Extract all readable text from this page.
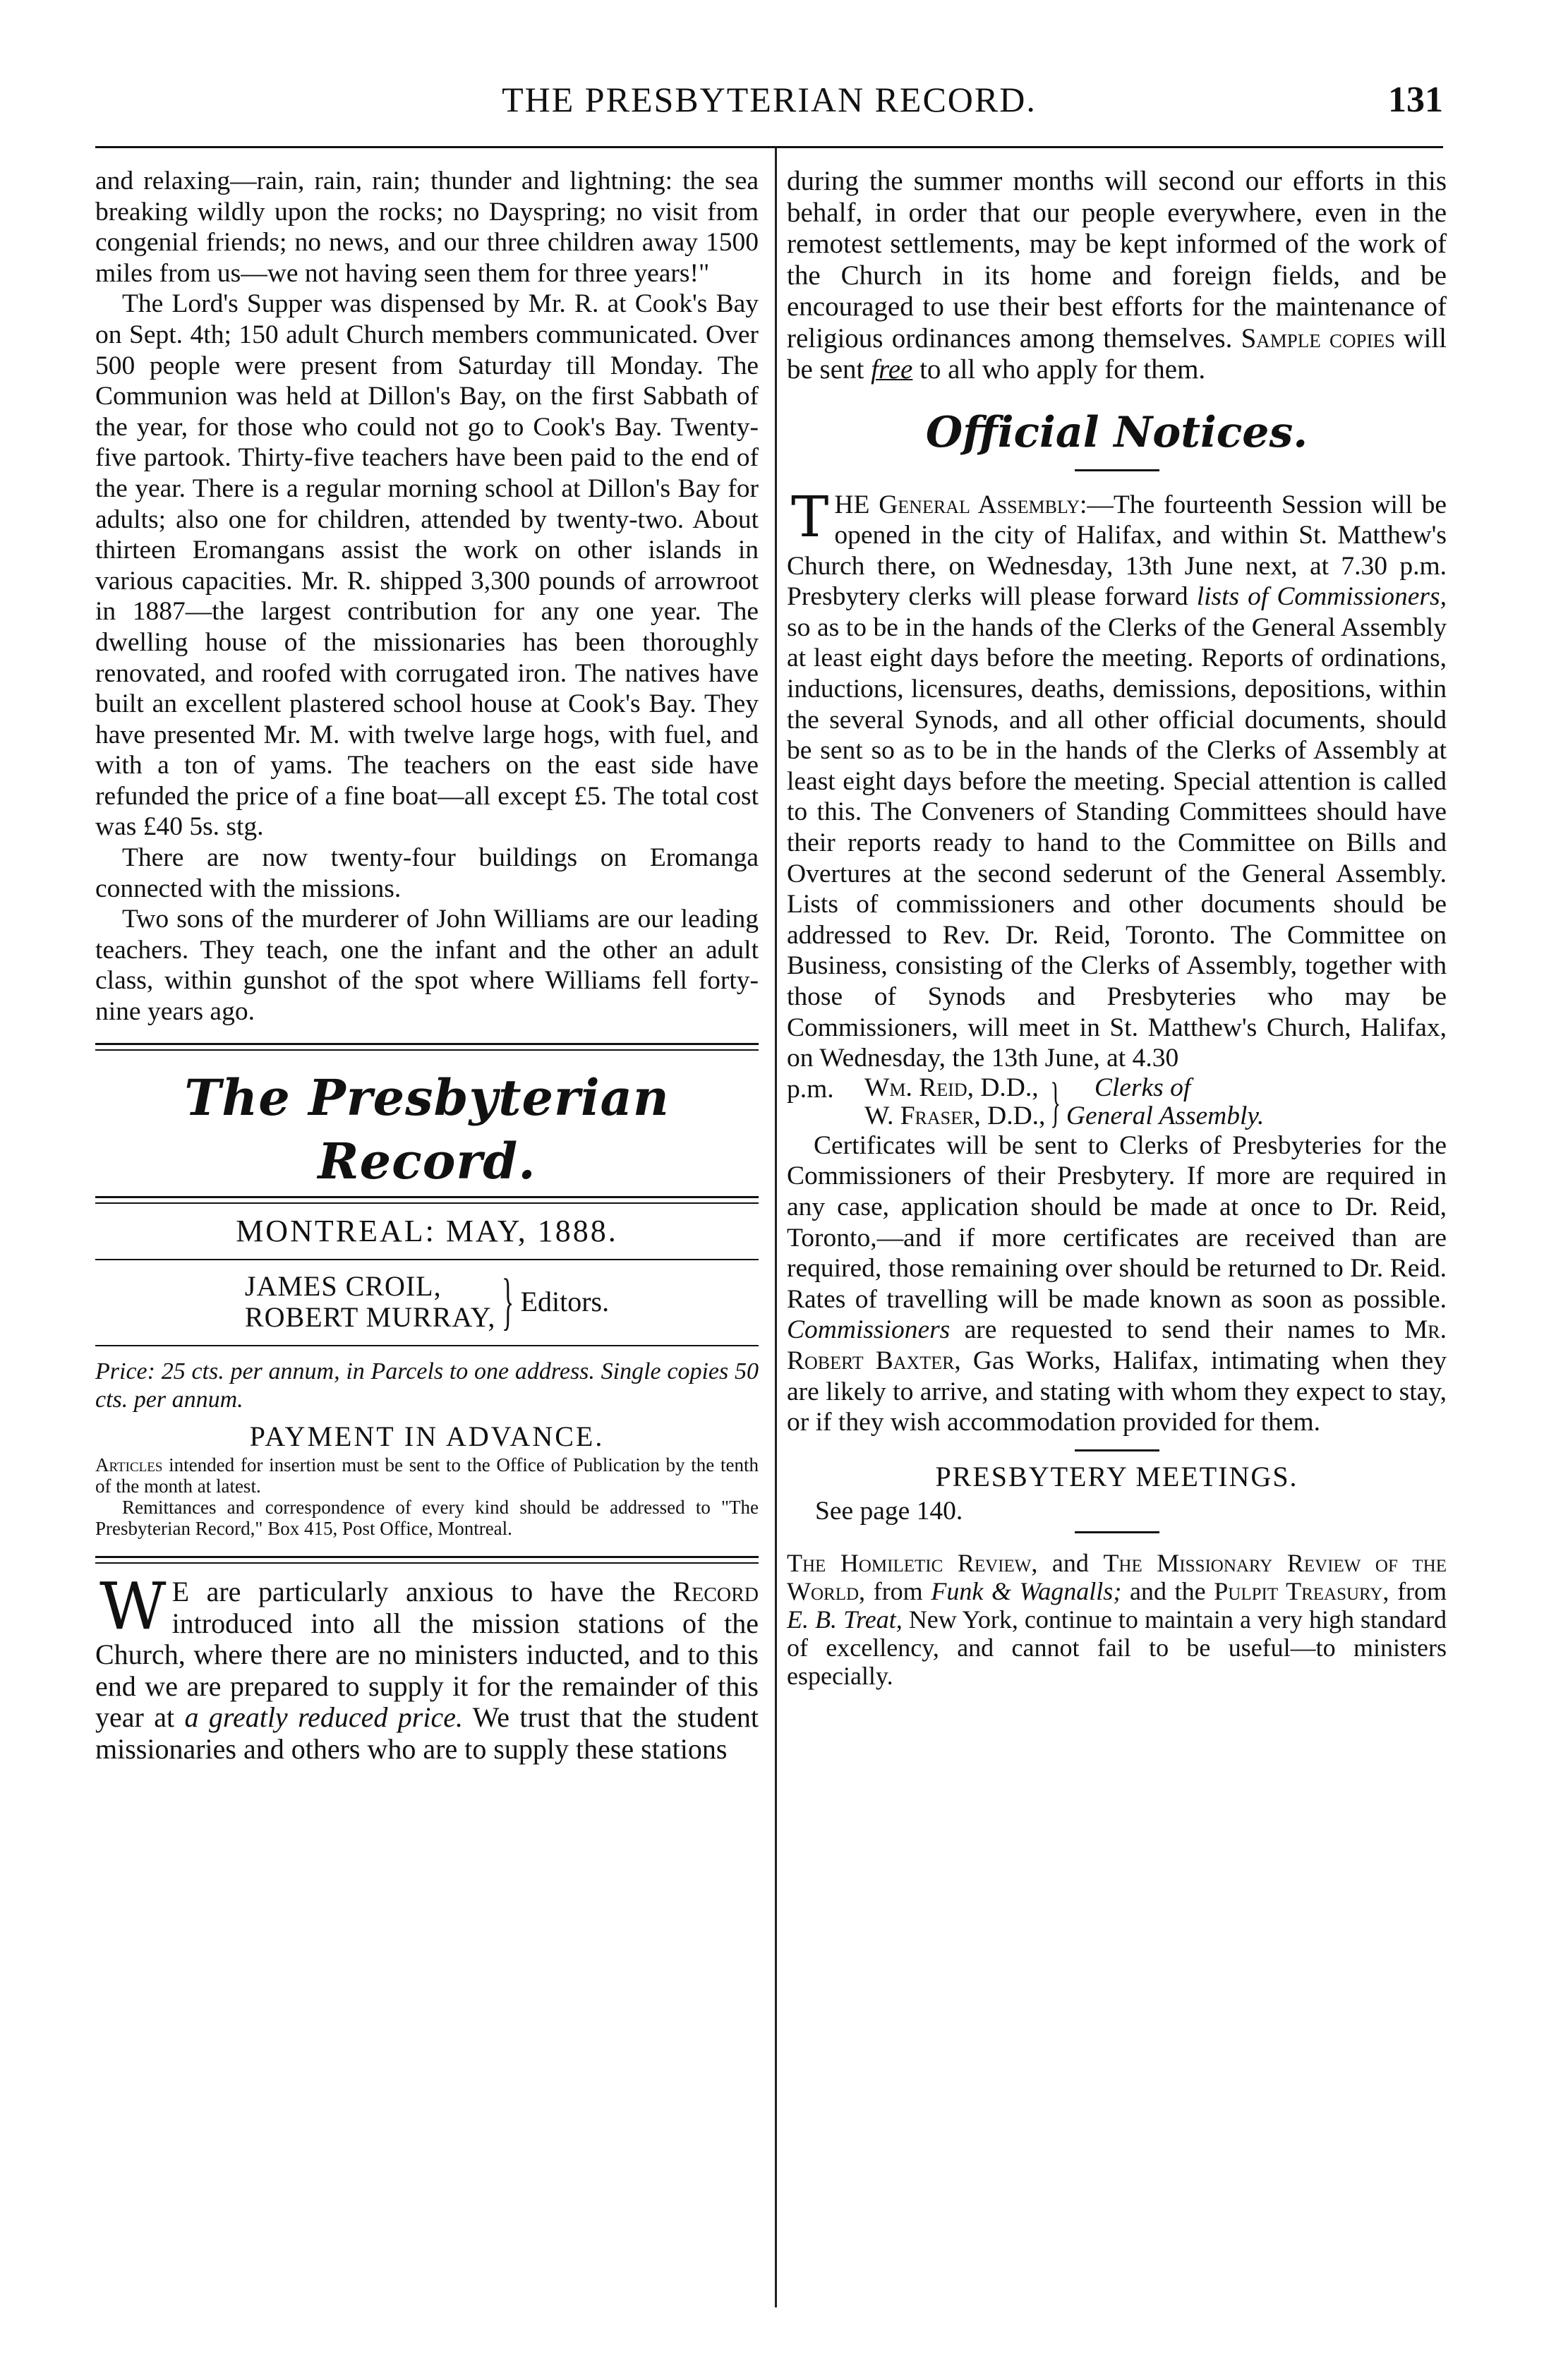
THE PRESBYTERIAN RECORD.	131

and relaxing—rain, rain, rain; thunder and lightning: the sea breaking wildly upon the rocks; no Dayspring; no visit from congenial friends; no news, and our three children away 1500 miles from us—we not having seen them for three years!"

The Lord's Supper was dispensed by Mr. R. at Cook's Bay on Sept. 4th; 150 adult Church members communicated. Over 500 people were present from Saturday till Monday. The Communion was held at Dillon's Bay, on the first Sabbath of the year, for those who could not go to Cook's Bay. Twenty-five partook. Thirty-five teachers have been paid to the end of the year. There is a regular morning school at Dillon's Bay for adults; also one for children, attended by twenty-two. About thirteen Eromangans assist the work on other islands in various capacities. Mr. R. shipped 3,300 pounds of arrowroot in 1887—the largest contribution for any one year. The dwelling house of the missionaries has been thoroughly renovated, and roofed with corrugated iron. The natives have built an excellent plastered school house at Cook's Bay. They have presented Mr. M. with twelve large hogs, with fuel, and with a ton of yams. The teachers on the east side have refunded the price of a fine boat—all except £5. The total cost was £40 5s. stg.

There are now twenty-four buildings on Eromanga connected with the missions.

Two sons of the murderer of John Williams are our leading teachers. They teach, one the infant and the other an adult class, within gunshot of the spot where Williams fell forty-nine years ago.

The Presbyterian Record.
MONTREAL: MAY, 1888.
JAMES CROIL,
ROBERT MURRAY, } Editors.

Price: 25 cts. per annum, in Parcels to one address. Single copies 50 cts. per annum.

PAYMENT IN ADVANCE.

Articles intended for insertion must be sent to the Office of Publication by the tenth of the month at latest.

Remittances and correspondence of every kind should be addressed to "The Presbyterian Record," Box 415, Post Office, Montreal.

W E are particularly anxious to have the Record introduced into all the mission stations of the Church, where there are no ministers inducted, and to this end we are prepared to supply it for the remainder of this year at a greatly reduced price. We trust that the student missionaries and others who are to supply these stations

during the summer months will second our efforts in this behalf, in order that our people everywhere, even in the remotest settlements, may be kept informed of the work of the Church in its home and foreign fields, and be encouraged to use their best efforts for the maintenance of religious ordinances among themselves. Sample copies will be sent free to all who apply for them.

Official Notices.

THE General Assembly:—The fourteenth Session will be opened in the city of Halifax, and within St. Matthew's Church there, on Wednesday, 13th June next, at 7.30 p.m. Presbytery clerks will please forward lists of Commissioners, so as to be in the hands of the Clerks of the General Assembly at least eight days before the meeting. Reports of ordinations, inductions, licensures, deaths, demissions, depositions, within the several Synods, and all other official documents, should be sent so as to be in the hands of the Clerks of Assembly at least eight days before the meeting. Special attention is called to this. The Conveners of Standing Committees should have their reports ready to hand to the Committee on Bills and Overtures at the second sederunt of the General Assembly. Lists of commissioners and other documents should be addressed to Rev. Dr. Reid, Toronto. The Committee on Business, consisting of the Clerks of Assembly, together with those of Synods and Presbyteries who may be Commissioners, will meet in St. Matthew's Church, Halifax, on Wednesday, the 13th June, at 4.30

p.m.	Wm. Reid, D.D.,
W. Fraser, D.D., }	Clerks of
General Assembly.

Certificates will be sent to Clerks of Presbyteries for the Commissioners of their Presbytery. If more are required in any case, application should be made at once to Dr. Reid, Toronto,—and if more certificates are received than are required, those remaining over should be returned to Dr. Reid. Rates of travelling will be made known as soon as possible. Commissioners are requested to send their names to Mr. Robert Baxter, Gas Works, Halifax, intimating when they are likely to arrive, and stating with whom they expect to stay, or if they wish accommodation provided for them.

PRESBYTERY MEETINGS.
See page 140.

The Homiletic Review, and The Missionary Review of the World, from Funk & Wagnalls; and the Pulpit Treasury, from E. B. Treat, New York, continue to maintain a very high standard of excellency, and cannot fail to be useful—to ministers especially.
